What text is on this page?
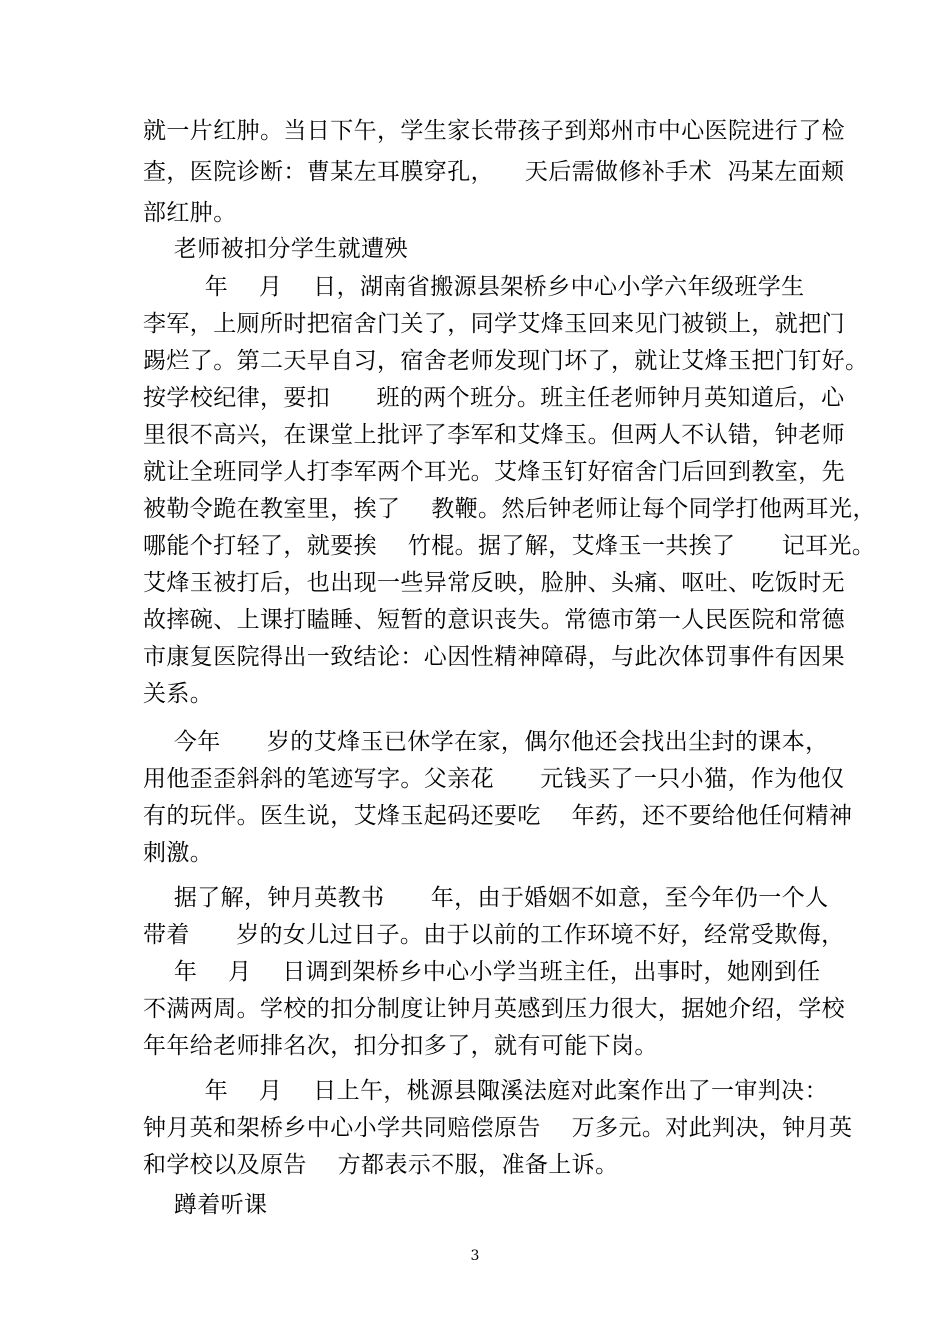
就一片红肿。当日下午，学生家长带孩子到郑州市中心医院进行了检
查，医院诊断：曹某左耳膜穿孔，    天后需做修补手术  冯某左面颊
部红肿。
老师被扣分学生就遭殃
年    月    日，湖南省搬源县架桥乡中心小学六年级班学生
李军，上厕所时把宿舍门关了，同学艾烽玉回来见门被锁上，就把门
踢烂了。第二天早自习，宿舍老师发现门坏了，就让艾烽玉把门钉好。
按学校纪律，要扣      班的两个班分。班主任老师钟月英知道后，心
里很不高兴，在课堂上批评了李军和艾烽玉。但两人不认错，钟老师
就让全班同学人打李军两个耳光。艾烽玉钉好宿舍门后回到教室，先
被勒令跪在教室里，挨了    教鞭。然后钟老师让每个同学打他两耳光，
哪能个打轻了，就要挨    竹棍。据了解，艾烽玉一共挨了      记耳光。
艾烽玉被打后，也出现一些异常反映，脸肿、头痛、呕吐、吃饭时无
故摔碗、上课打瞌睡、短暂的意识丧失。常德市第一人民医院和常德
市康复医院得出一致结论：心因性精神障碍，与此次体罚事件有因果
关系。
今年      岁的艾烽玉已休学在家，偶尔他还会找出尘封的课本，
用他歪歪斜斜的笔迹写字。父亲花      元钱买了一只小猫，作为他仅
有的玩伴。医生说，艾烽玉起码还要吃    年药，还不要给他任何精神
刺激。
据了解，钟月英教书      年，由于婚姻不如意，至今年仍一个人
带着      岁的女儿过日子。由于以前的工作环境不好，经常受欺侮，
年    月    日调到架桥乡中心小学当班主任，出事时，她刚到任
不满两周。学校的扣分制度让钟月英感到压力很大，据她介绍，学校
年年给老师排名次，扣分扣多了，就有可能下岗。
年    月    日上午，桃源县陬溪法庭对此案作出了一审判决：
钟月英和架桥乡中心小学共同赔偿原告    万多元。对此判决，钟月英
和学校以及原告    方都表示不服，准备上诉。
蹲着听课
3
